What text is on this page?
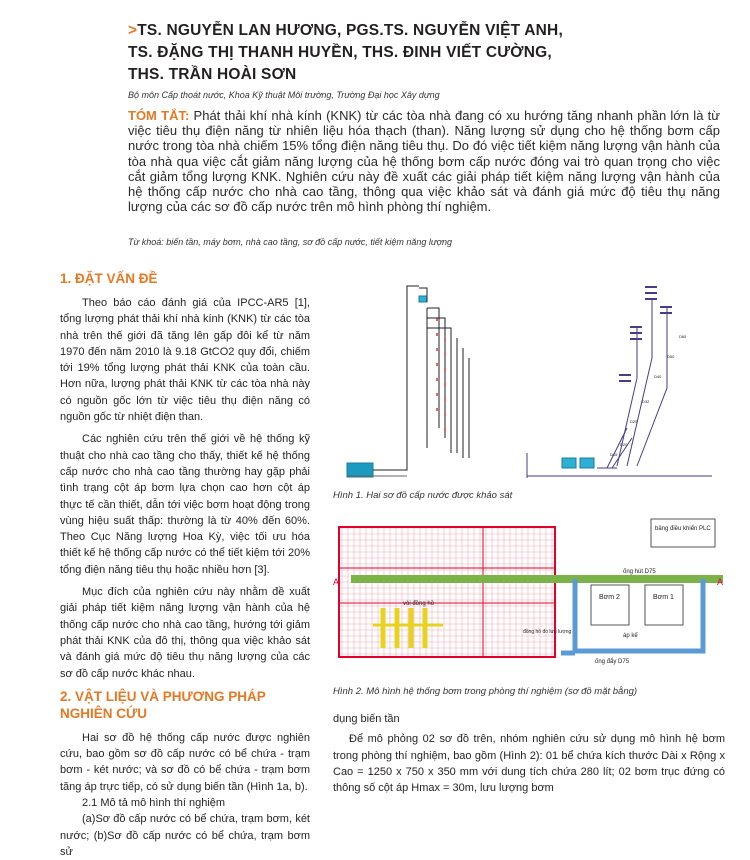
>TS. NGUYỄN LAN HƯƠNG, PGS.TS. NGUYỄN VIỆT ANH,
TS. ĐẶNG THỊ THANH HUYỀN, THS. ĐINH VIẾT CƯỜNG,
THS. TRẦN HOÀI SƠN
Bộ môn Cấp thoát nước, Khoa Kỹ thuật Môi trường, Trường Đại học Xây dựng
TÓM TẮT: Phát thải khí nhà kính (KNK) từ các tòa nhà đang có xu hướng tăng nhanh phần lớn là từ việc tiêu thụ điện năng từ nhiên liệu hóa thạch (than). Năng lượng sử dụng cho hệ thống bơm cấp nước trong tòa nhà chiếm 15% tổng điện năng tiêu thụ. Do đó việc tiết kiệm năng lượng vận hành của tòa nhà qua việc cắt giảm năng lượng của hệ thống bơm cấp nước đóng vai trò quan trọng cho việc cắt giảm tổng lượng KNK. Nghiên cứu này đề xuất các giải pháp tiết kiệm năng lượng vận hành của hệ thống cấp nước cho nhà cao tầng, thông qua việc khảo sát và đánh giá mức độ tiêu thụ năng lượng của các sơ đồ cấp nước trên mô hình phòng thí nghiệm.
Từ khoá: biến tần, máy bơm, nhà cao tầng, sơ đồ cấp nước, tiết kiệm năng lượng
1. ĐẶT VẤN ĐỀ

Theo báo cáo đánh giá của IPCC-AR5 [1], tổng lượng phát thải khí nhà kính (KNK) từ các tòa nhà trên thế giới đã tăng lên gấp đôi kể từ năm 1970 đến năm 2010 là 9.18 GtCO2 quy đổi, chiếm tới 19% tổng lượng phát thải KNK của toàn cầu. Hơn nữa, lượng phát thải KNK từ các tòa nhà này có nguồn gốc lớn từ việc tiêu thụ điện năng có nguồn gốc từ nhiệt điện than.

Các nghiên cứu trên thế giới về hệ thống kỹ thuật cho nhà cao tầng cho thấy, thiết kế hệ thống cấp nước cho nhà cao tầng thường hay gặp phải tình trạng cột áp bơm lựa chọn cao hơn cột áp thực tế cần thiết, dẫn tới việc bơm hoạt động trong vùng hiệu suất thấp: thường là từ 40% đến 60%. Theo Cục Năng lượng Hoa Kỳ, việc tối ưu hóa thiết kế hệ thống cấp nước có thể tiết kiệm tới 20% tổng điện năng tiêu thụ hoặc nhiều hơn [3].

Mục đích của nghiên cứu này nhằm đề xuất giải pháp tiết kiệm năng lượng vận hành của hệ thống cấp nước cho nhà cao tầng, hướng tới giảm phát thải KNK của đô thị, thông qua việc khảo sát và đánh giá mức độ tiêu thụ năng lượng của các sơ đồ cấp nước khác nhau.

2. VẬT LIỆU VÀ PHƯƠNG PHÁP NGHIÊN CỨU

Hai sơ đồ hệ thống cấp nước được nghiên cứu, bao gồm sơ đồ cấp nước có bể chứa - trạm bơm - két nước; và sơ đồ có bể chứa - trạm bơm tăng áp trực tiếp, có sử dụng biến tần (Hình 1a, b).

2.1 Mô tả mô hình thí nghiệm

(a)Sơ đồ cấp nước có bể chứa, trạm bơm, két nước; (b)Sơ đồ cấp nước có bể chứa, trạm bơm sử

D15
D20
D25
D32
D40
D50
D65
Hình 1. Hai sơ đồ cấp nước được khảo sát
bảng điều khiển PLC
ống hút D75
Bơm 2	Bơm 1
áp kế
ống đẩy D75
vòi đồng hồ
đồng hồ đo lưu lượng
A	A
Hình 2. Mô hình hệ thống bơm trong phòng thí nghiệm (sơ đồ mặt bằng)

dụng biến tần

Để mô phỏng 02 sơ đồ trên, nhóm nghiên cứu sử dụng mô hình hệ bơm trong phòng thí nghiệm, bao gồm (Hình 2): 01 bể chứa kích thước Dài x Rộng x Cao = 1250 x 750 x 350 mm với dung tích chứa 280 lít; 02 bơm trục đứng có thông số cột áp Hmax = 30m, lưu lượng bơm
